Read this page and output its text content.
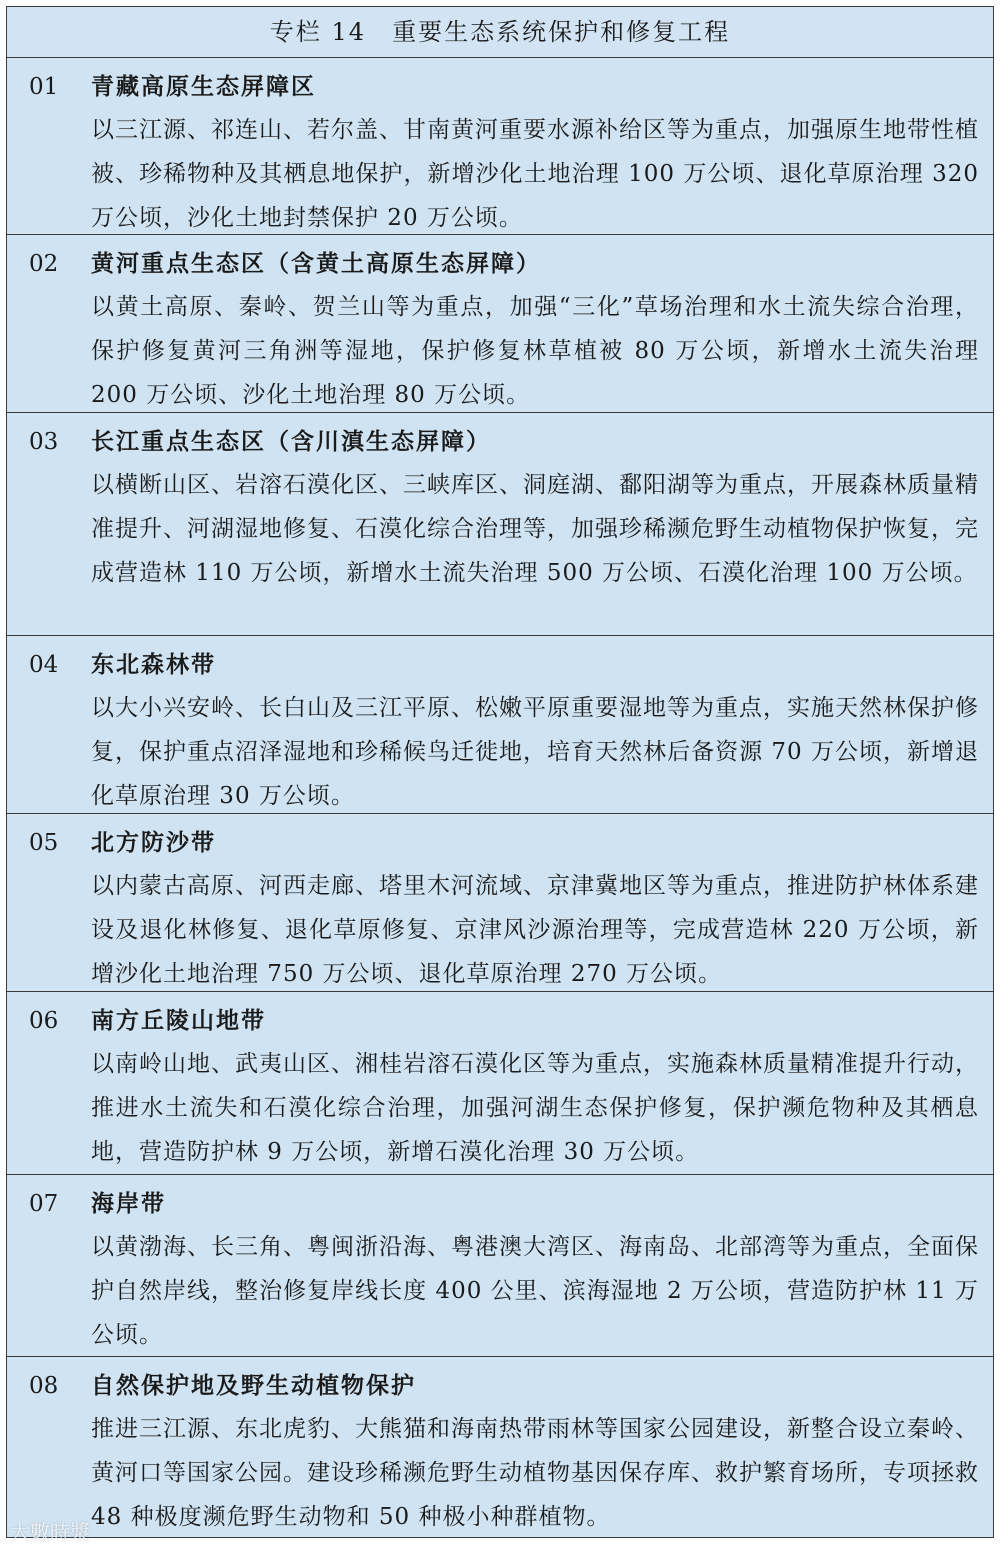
专栏 14　重要生态系统保护和修复工程
01	青藏高原生态屏障区
以三江源、祁连山、若尔盖、甘南黄河重要水源补给区等为重点，加强原生地带性植被、珍稀物种及其栖息地保护，新增沙化土地治理 100 万公顷、退化草原治理 320 万公顷，沙化土地封禁保护 20 万公顷。
02	黄河重点生态区（含黄土高原生态屏障）
以黄土高原、秦岭、贺兰山等为重点，加强“三化”草场治理和水土流失综合治理，保护修复黄河三角洲等湿地，保护修复林草植被 80 万公顷，新增水土流失治理 200 万公顷、沙化土地治理 80 万公顷。
03	长江重点生态区（含川滇生态屏障）
以横断山区、岩溶石漠化区、三峡库区、洞庭湖、鄱阳湖等为重点，开展森林质量精准提升、河湖湿地修复、石漠化综合治理等，加强珍稀濒危野生动植物保护恢复，完成营造林 110 万公顷，新增水土流失治理 500 万公顷、石漠化治理 100 万公顷。
04	东北森林带
以大小兴安岭、长白山及三江平原、松嫩平原重要湿地等为重点，实施天然林保护修复，保护重点沼泽湿地和珍稀候鸟迁徙地，培育天然林后备资源 70 万公顷，新增退化草原治理 30 万公顷。
05	北方防沙带
以内蒙古高原、河西走廊、塔里木河流域、京津冀地区等为重点，推进防护林体系建设及退化林修复、退化草原修复、京津风沙源治理等，完成营造林 220 万公顷，新增沙化土地治理 750 万公顷、退化草原治理 270 万公顷。
06	南方丘陵山地带
以南岭山地、武夷山区、湘桂岩溶石漠化区等为重点，实施森林质量精准提升行动，推进水土流失和石漠化综合治理，加强河湖生态保护修复，保护濒危物种及其栖息地，营造防护林 9 万公顷，新增石漠化治理 30 万公顷。
07	海岸带
以黄渤海、长三角、粤闽浙沿海、粤港澳大湾区、海南岛、北部湾等为重点，全面保护自然岸线，整治修复岸线长度 400 公里、滨海湿地 2 万公顷，营造防护林 11 万公顷。
08	自然保护地及野生动植物保护
推进三江源、东北虎豹、大熊猫和海南热带雨林等国家公园建设，新整合设立秦岭、黄河口等国家公园。建设珍稀濒危野生动植物基因保存库、救护繁育场所，专项拯救 48 种极度濒危野生动物和 50 种极小种群植物。
大數時漿
